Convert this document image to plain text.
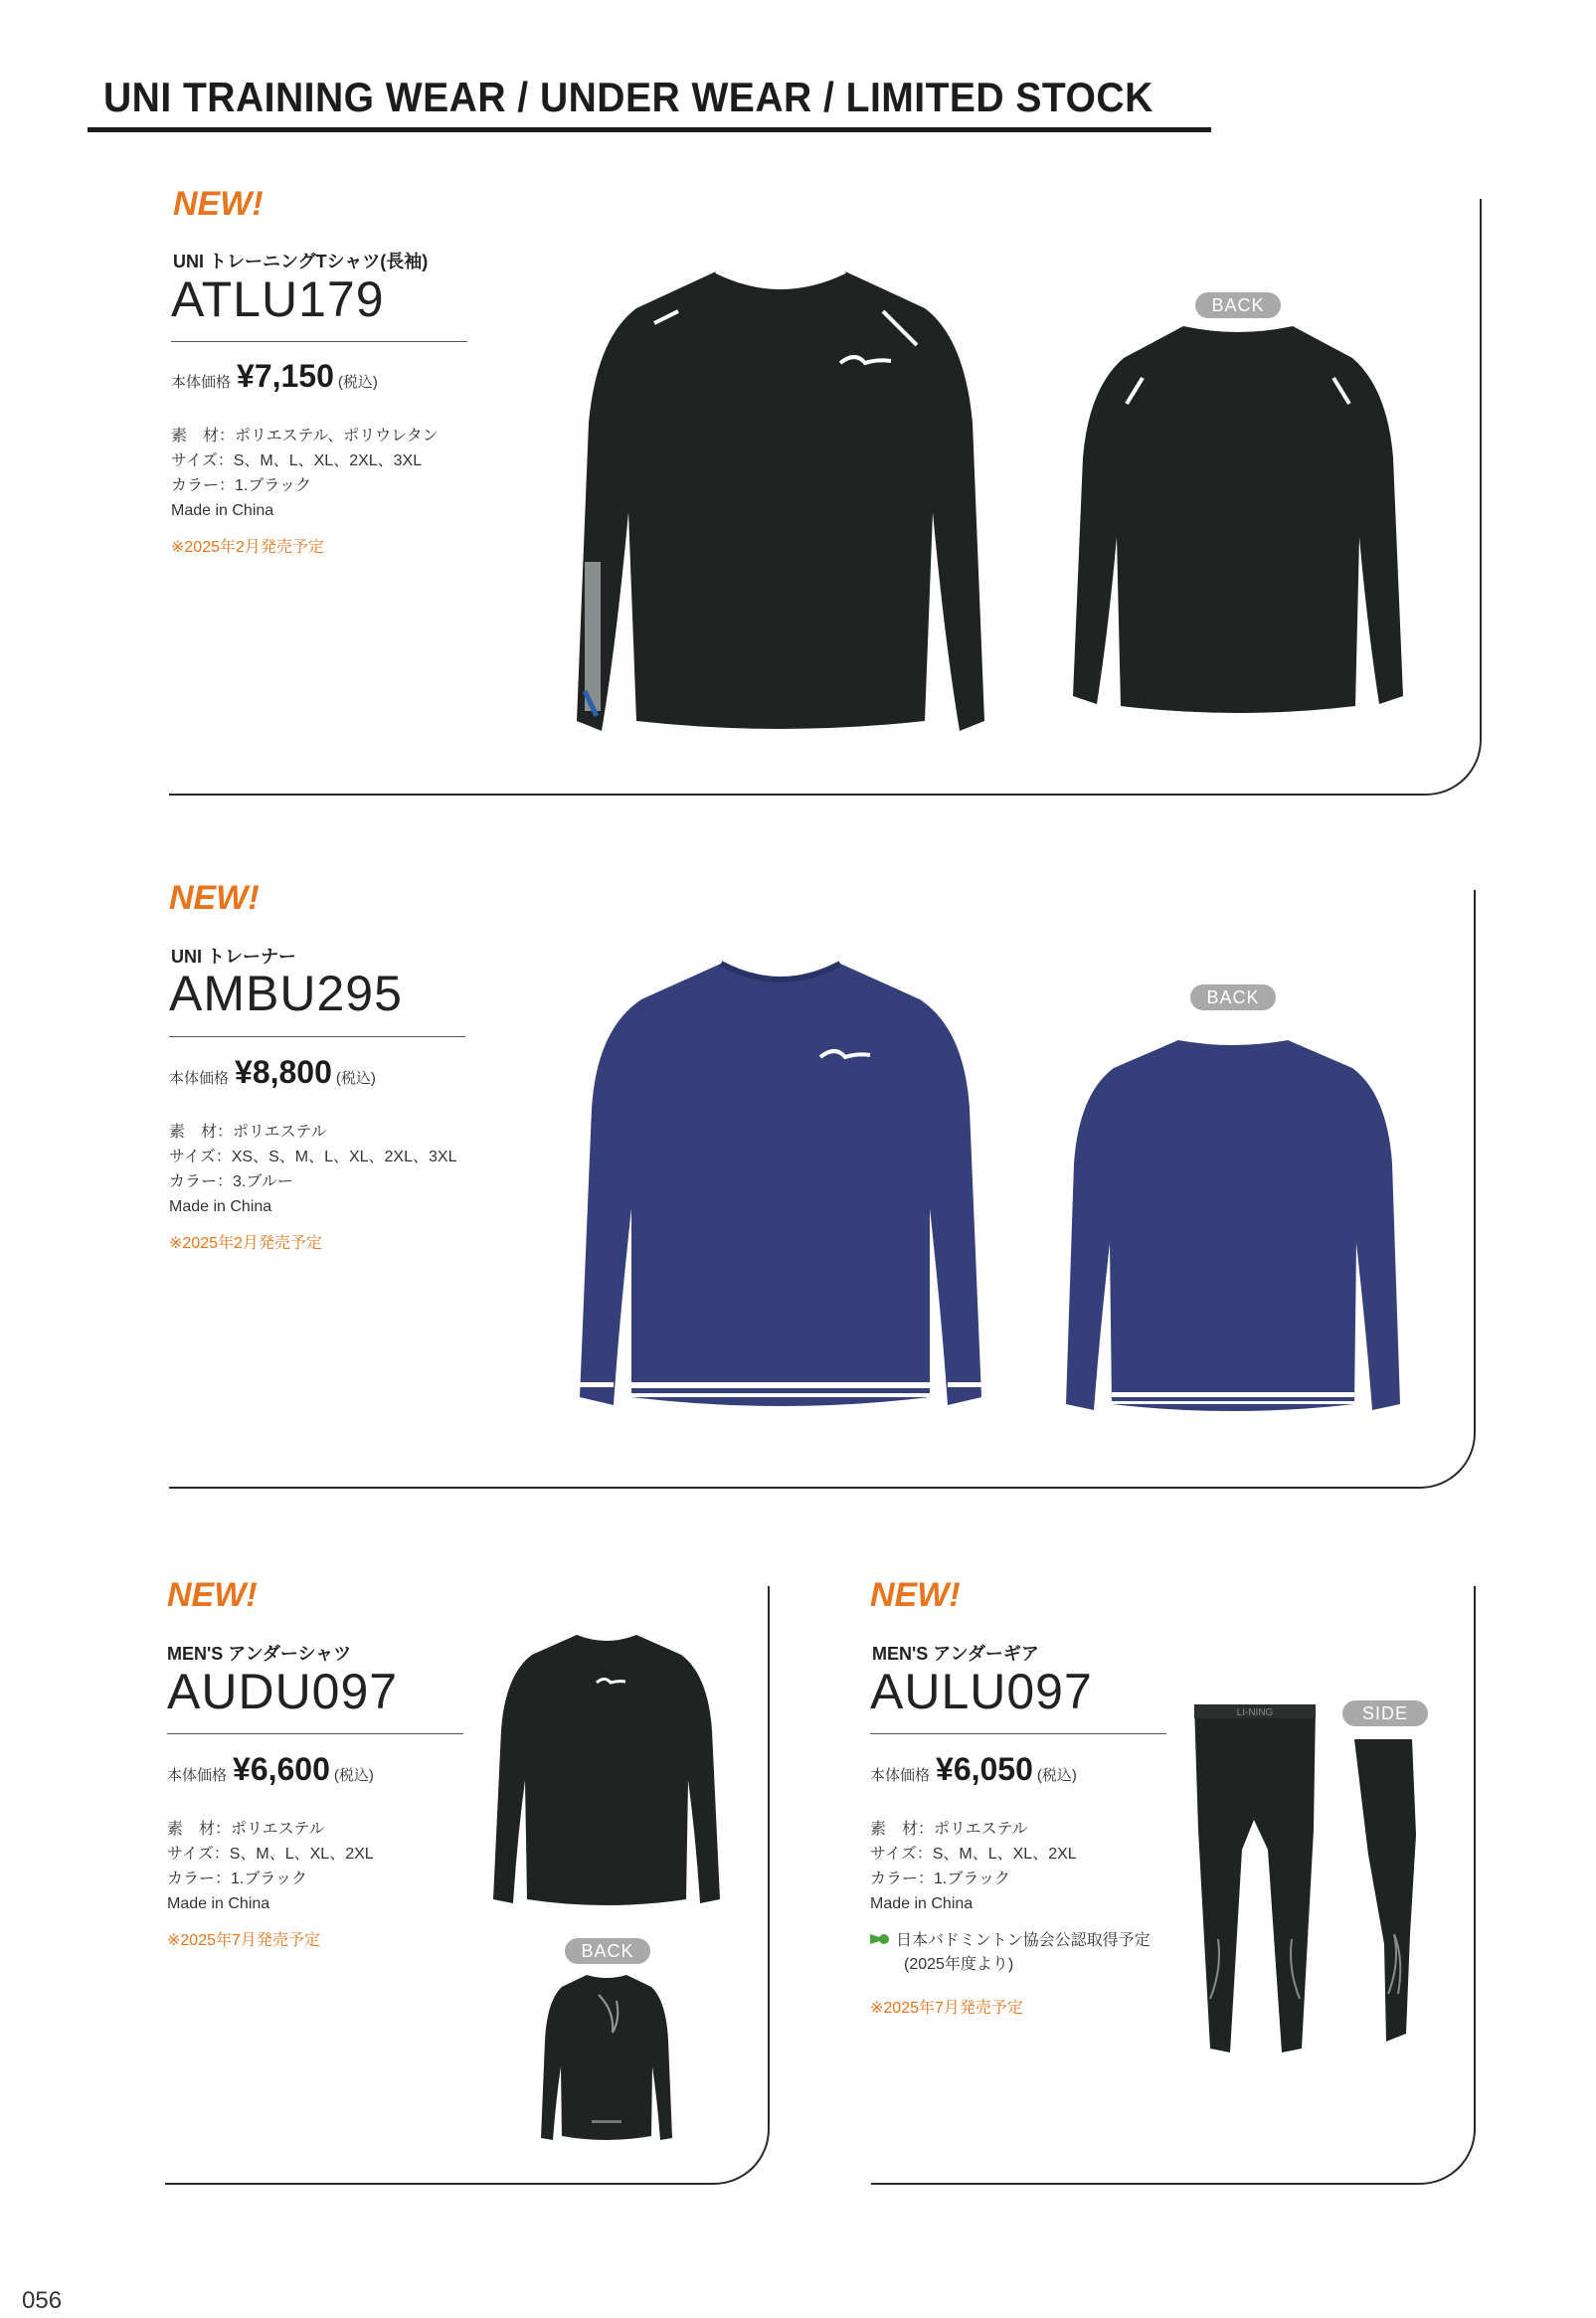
UNI TRAINING WEAR / UNDER WEAR / LIMITED STOCK
NEW!
UNI トレーニングTシャツ(長袖)
ATLU179
本体価格 ¥7,150 (税込)
素　材：ポリエステル、ポリウレタン
サイズ：S、M、L、XL、2XL、3XL
カラー：1.ブラック
Made in China
※2025年2月発売予定
BACK
NEW!
UNI トレーナー
AMBU295
本体価格 ¥8,800 (税込)
素　材：ポリエステル
サイズ：XS、S、M、L、XL、2XL、3XL
カラー：3.ブルー
Made in China
※2025年2月発売予定
BACK
NEW!
MEN'S アンダーシャツ
AUDU097
本体価格 ¥6,600 (税込)
素　材：ポリエステル
サイズ：S、M、L、XL、2XL
カラー：1.ブラック
Made in China
※2025年7月発売予定
BACK
NEW!
MEN'S アンダーギア
AULU097
本体価格 ¥6,050 (税込)
素　材：ポリエステル
サイズ：S、M、L、XL、2XL
カラー：1.ブラック
Made in China
日本バドミントン協会公認取得予定
(2025年度より)
※2025年7月発売予定
LI-NING	SIDE
056
